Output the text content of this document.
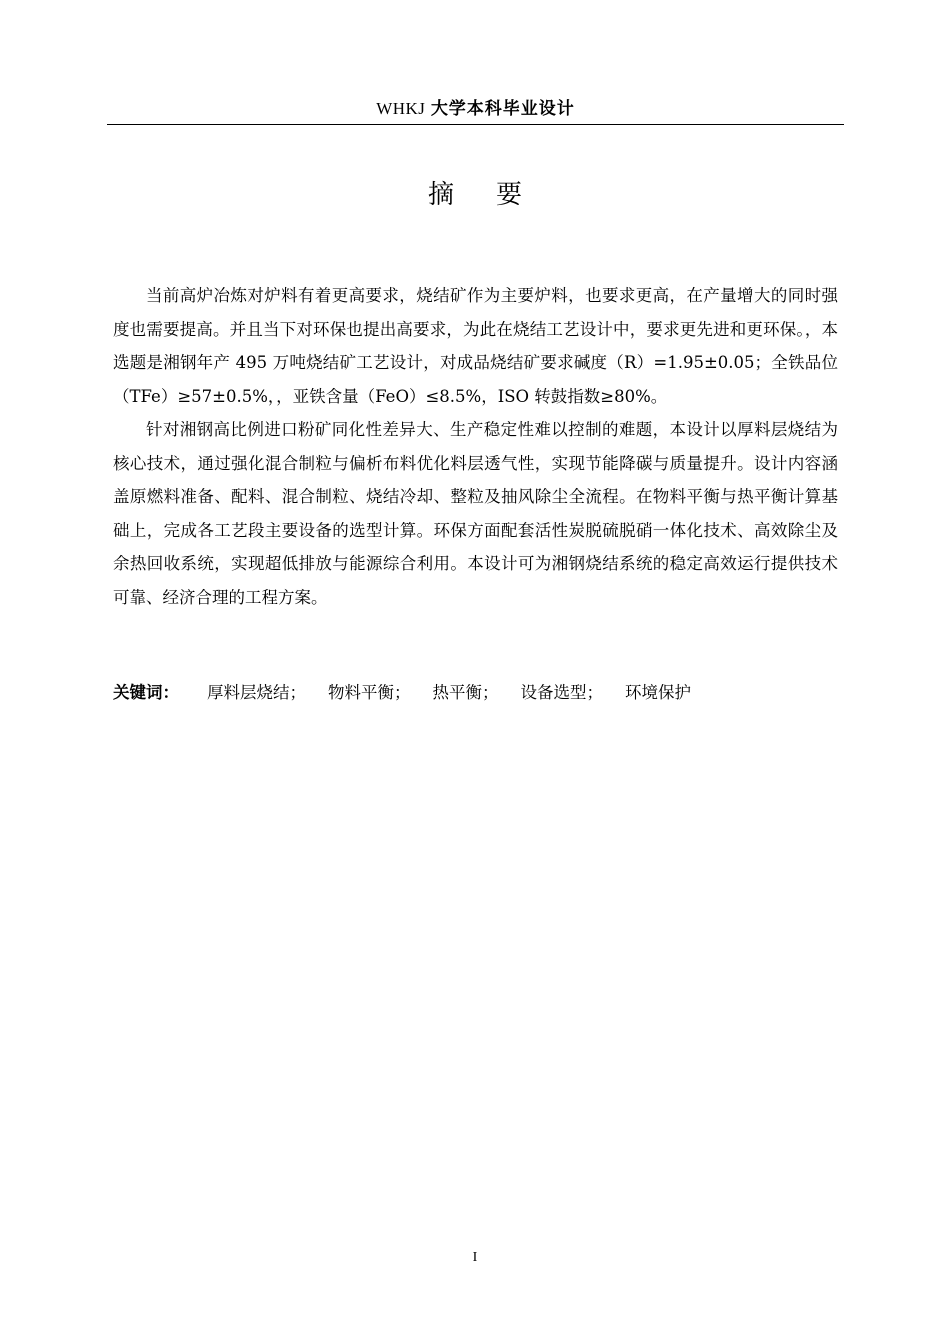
WHKJ 大学本科毕业设计
摘 要

当前高炉冶炼对炉料有着更高要求，烧结矿作为主要炉料，也要求更高，在产量增大的同时强度也需要提高。并且当下对环保也提出高要求，为此在烧结工艺设计中，要求更先进和更环保。，本选题是湘钢年产 495 万吨烧结矿工艺设计，对成品烧结矿要求碱度（R）=1.95±0.05；全铁品位（TFe）≥57±0.5%，，亚铁含量（FeO）≤8.5%，ISO 转鼓指数≥80%。

针对湘钢高比例进口粉矿同化性差异大、生产稳定性难以控制的难题，本设计以厚料层烧结为核心技术，通过强化混合制粒与偏析布料优化料层透气性，实现节能降碳与质量提升。设计内容涵盖原燃料准备、配料、混合制粒、烧结冷却、整粒及抽风除尘全流程。在物料平衡与热平衡计算基础上，完成各工艺段主要设备的选型计算。环保方面配套活性炭脱硫脱硝一体化技术、高效除尘及余热回收系统，实现超低排放与能源综合利用。本设计可为湘钢烧结系统的稳定高效运行提供技术可靠、经济合理的工程方案。

关键词： 厚料层烧结； 物料平衡； 热平衡； 设备选型； 环境保护
I
